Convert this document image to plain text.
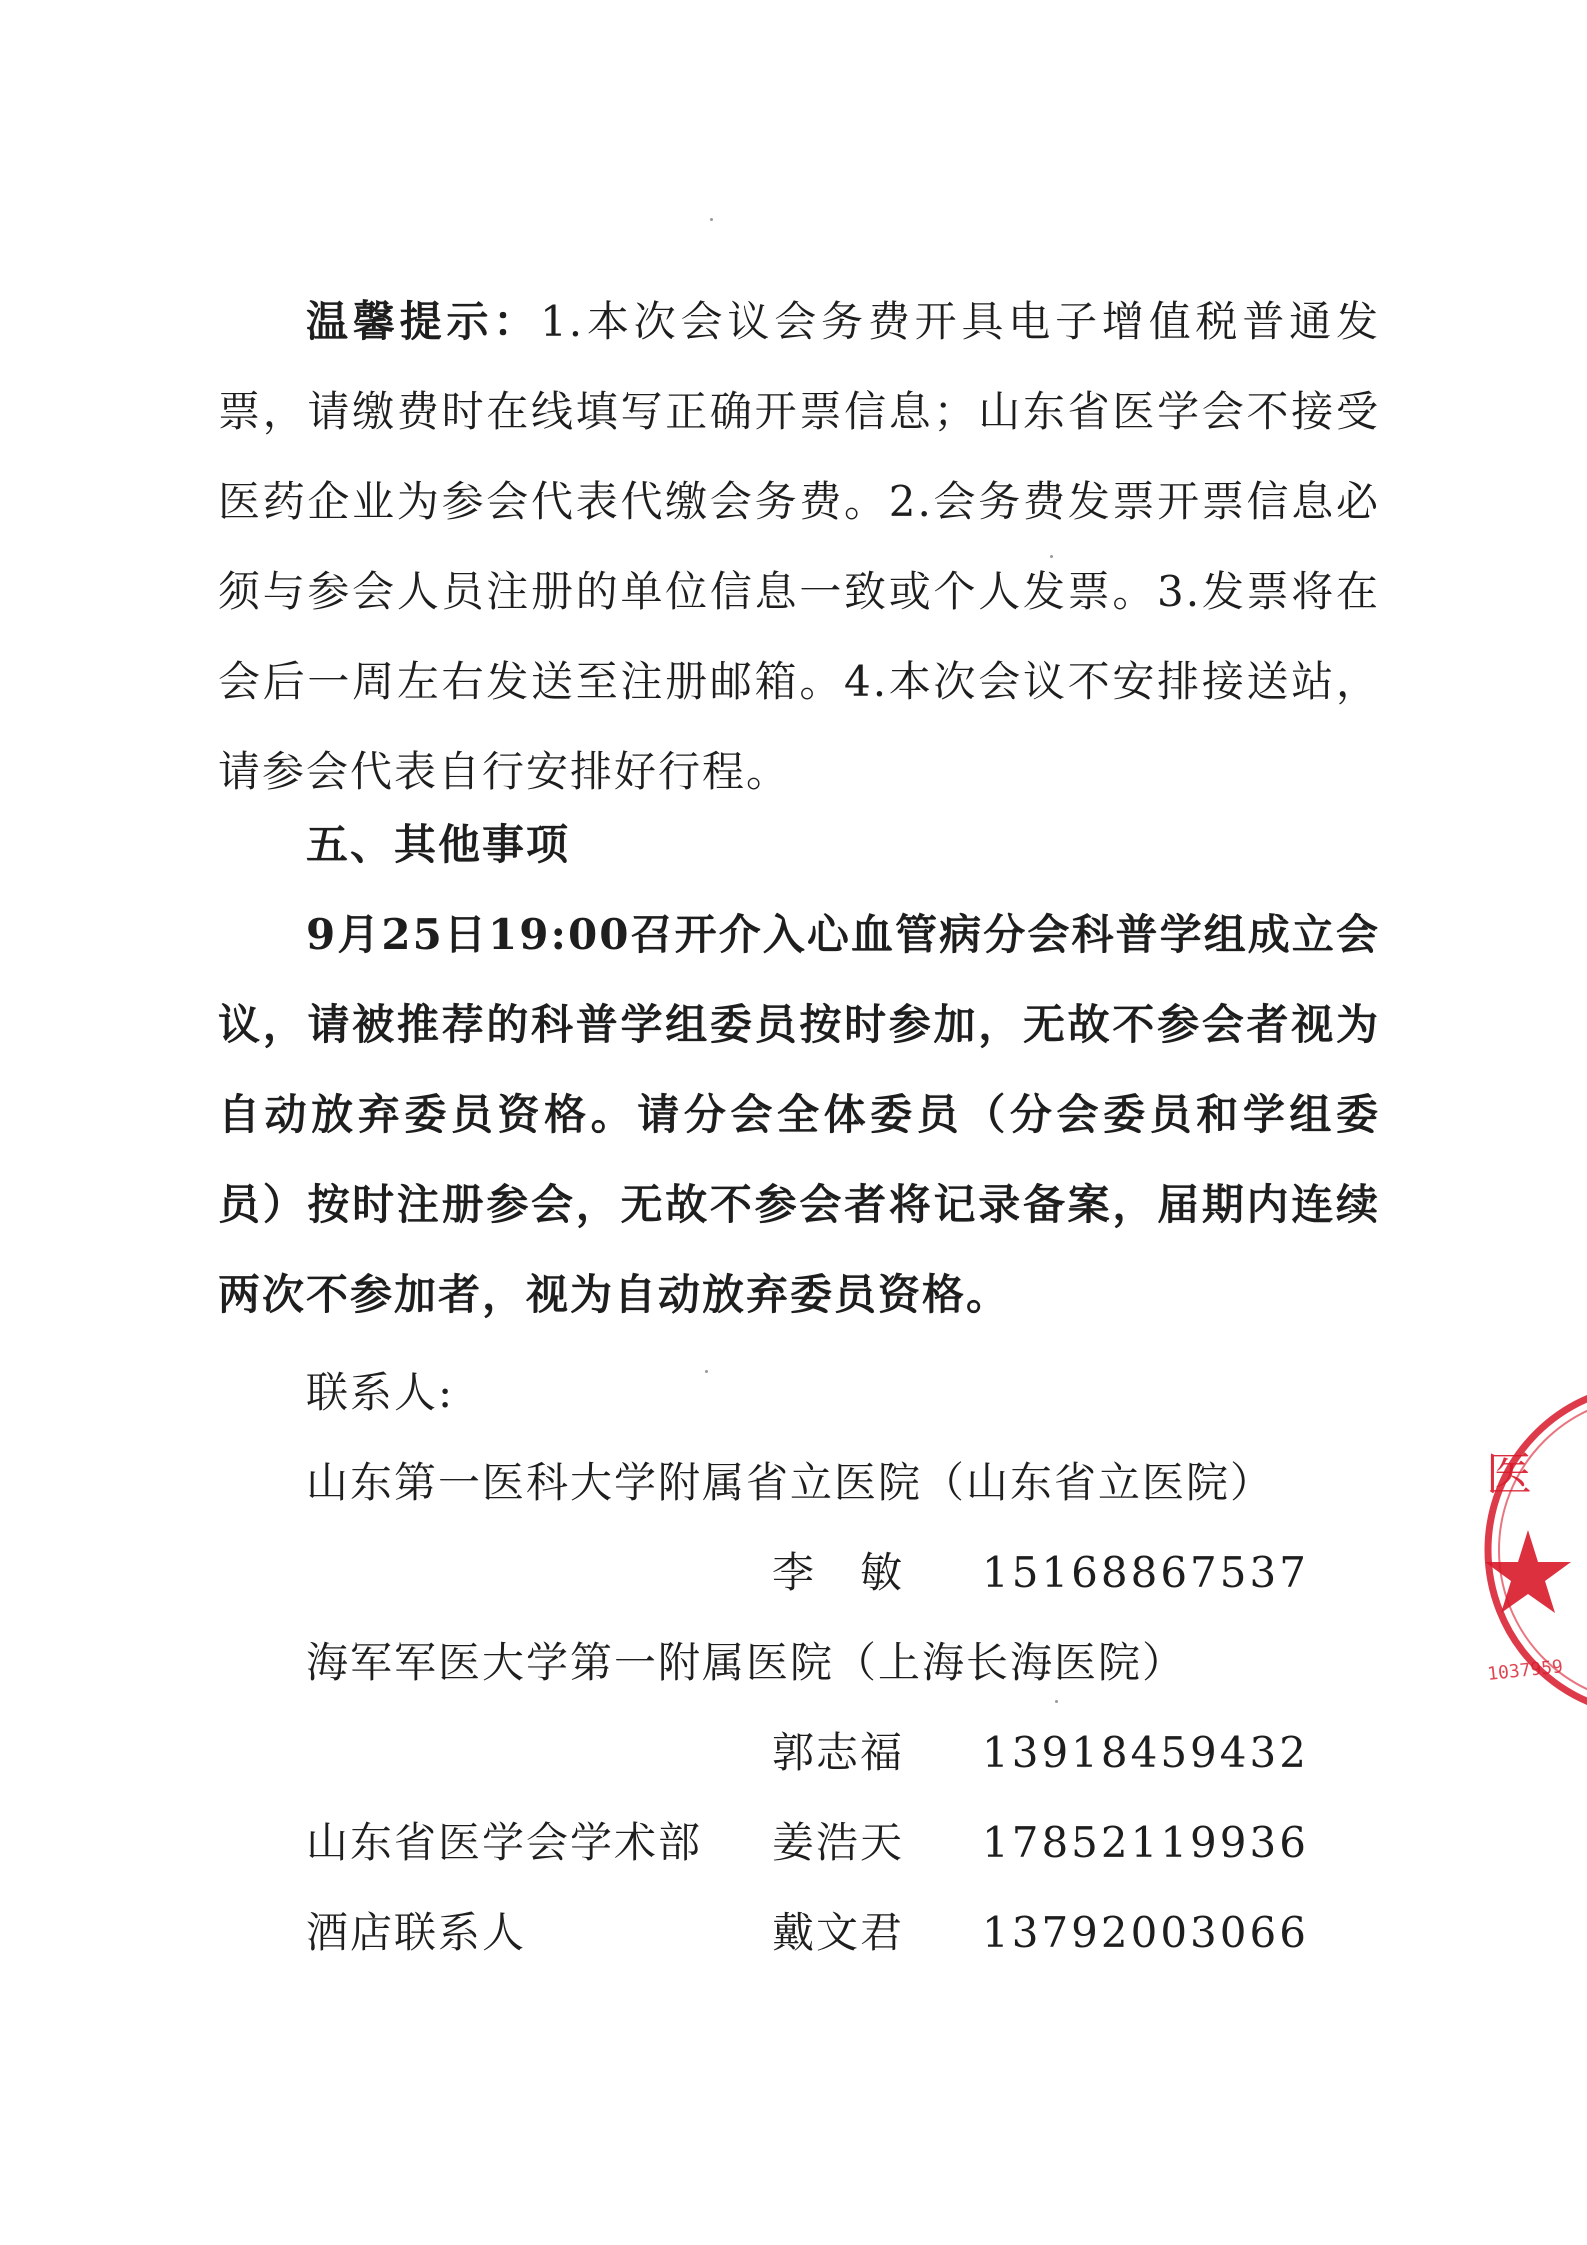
温馨提示：1.本次会议会务费开具电子增值税普通发票，请缴费时在线填写正确开票信息；山东省医学会不接受医药企业为参会代表代缴会务费。2.会务费发票开票信息必须与参会人员注册的单位信息一致或个人发票。3.发票将在会后一周左右发送至注册邮箱。4.本次会议不安排接送站，请参会代表自行安排好行程。
五、其他事项
9月25日19:00召开介入心血管病分会科普学组成立会议，请被推荐的科普学组委员按时参加，无故不参会者视为自动放弃委员资格。请分会全体委员（分会委员和学组委员）按时注册参会，无故不参会者将记录备案，届期内连续两次不参加者，视为自动放弃委员资格。
联系人:
山东第一医科大学附属省立医院（山东省立医院）
李　敏 15168867537
海军军医大学第一附属医院（上海长海医院）
郭志福 13918459432
山东省医学会学术部 姜浩天 17852119936
酒店联系人	戴文君 13792003066
医
1037959
